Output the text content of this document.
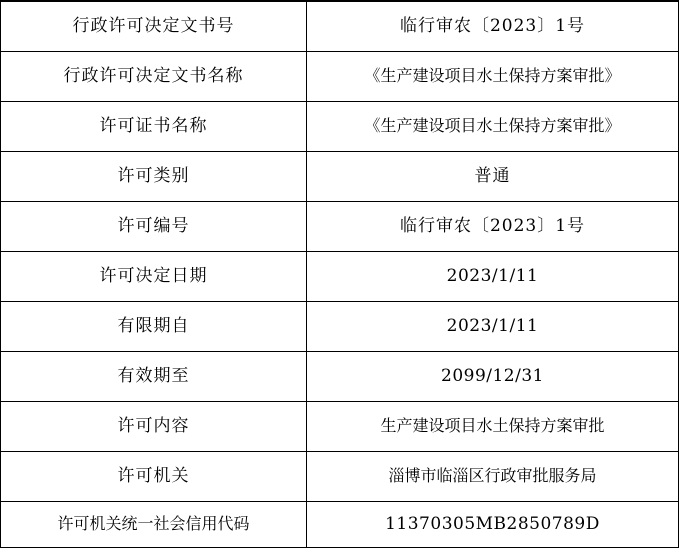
行政许可决定文书号	临行审农〔2023〕1号
行政许可决定文书名称	《生产建设项目水土保持方案审批》
许可证书名称	《生产建设项目水土保持方案审批》
许可类别	普通
许可编号	临行审农〔2023〕1号
许可决定日期	2023/1/11
有限期自	2023/1/11
有效期至	2099/12/31
许可内容	生产建设项目水土保持方案审批
许可机关	淄博市临淄区行政审批服务局
许可机关统一社会信用代码	11370305MB2850789D
